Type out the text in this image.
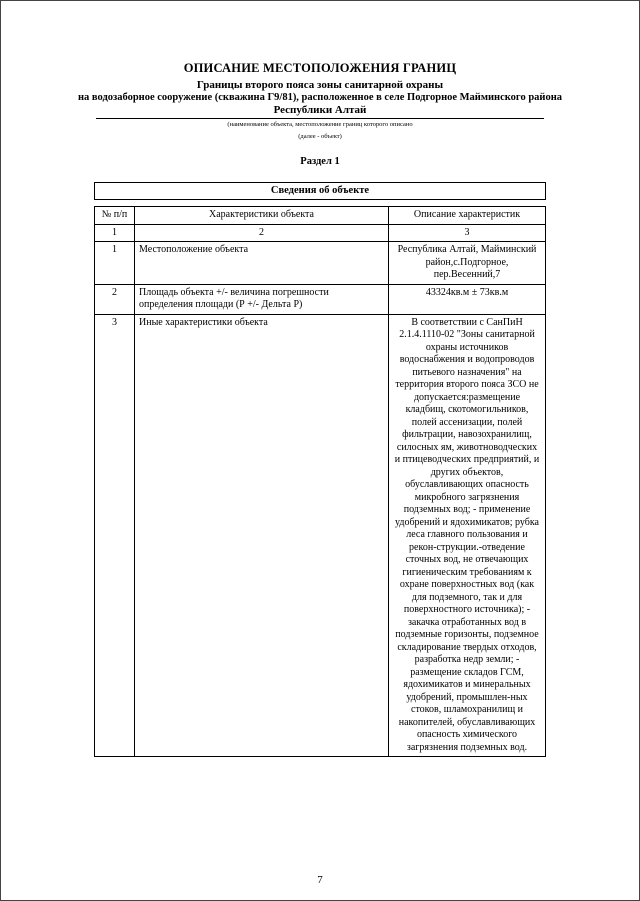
ОПИСАНИЕ МЕСТОПОЛОЖЕНИЯ ГРАНИЦ
Границы второго пояса зоны санитарной охраны
на водозаборное сооружение (скважина Г9/81), расположенное в селе Подгорное Майминского района
Республики Алтай
(наименование объекта, местоположение границ которого описано
(далее - объект)
Раздел 1
Сведения об объекте
№ п/п	Характеристики объекта	Описание характеристик
1	2	3
1	Местоположение объекта	Республика Алтай, Майминский район,с.Подгорное, пер.Весенний,7
2	Площадь объекта +/- величина погрешности определения площади (Р +/- Дельта Р)	43324кв.м ± 73кв.м
3	Иные характеристики объекта	В соответствии с СанПиН 2.1.4.1110-02 "Зоны санитарной охраны источников водоснабжения и водопроводов питьевого назначения" на территория второго пояса ЗСО не допускается:размещение кладбищ, скотомогильников, полей ассенизации, полей фильтрации, навозохранилищ, силосных ям, животноводческих и птицеводческих предприятий, и других объектов, обуславливающих опасность микробного загрязнения подземных вод; - применение удобрений и ядохимикатов; рубка леса главного пользования и рекон-струкции.-отведение сточных вод, не отвечающих гигиеническим требованиям к охране поверхностных вод (как для подземного, так и для поверхностного источника); - закачка отработанных вод в подземные горизонты, подземное складирование твердых отходов, разработка недр земли; - размещение складов ГСМ, ядохимикатов и минеральных удобрений, промышлен-ных стоков, шламохранилищ и накопителей, обуславливающих опасность химического загрязнения подземных вод.
7
